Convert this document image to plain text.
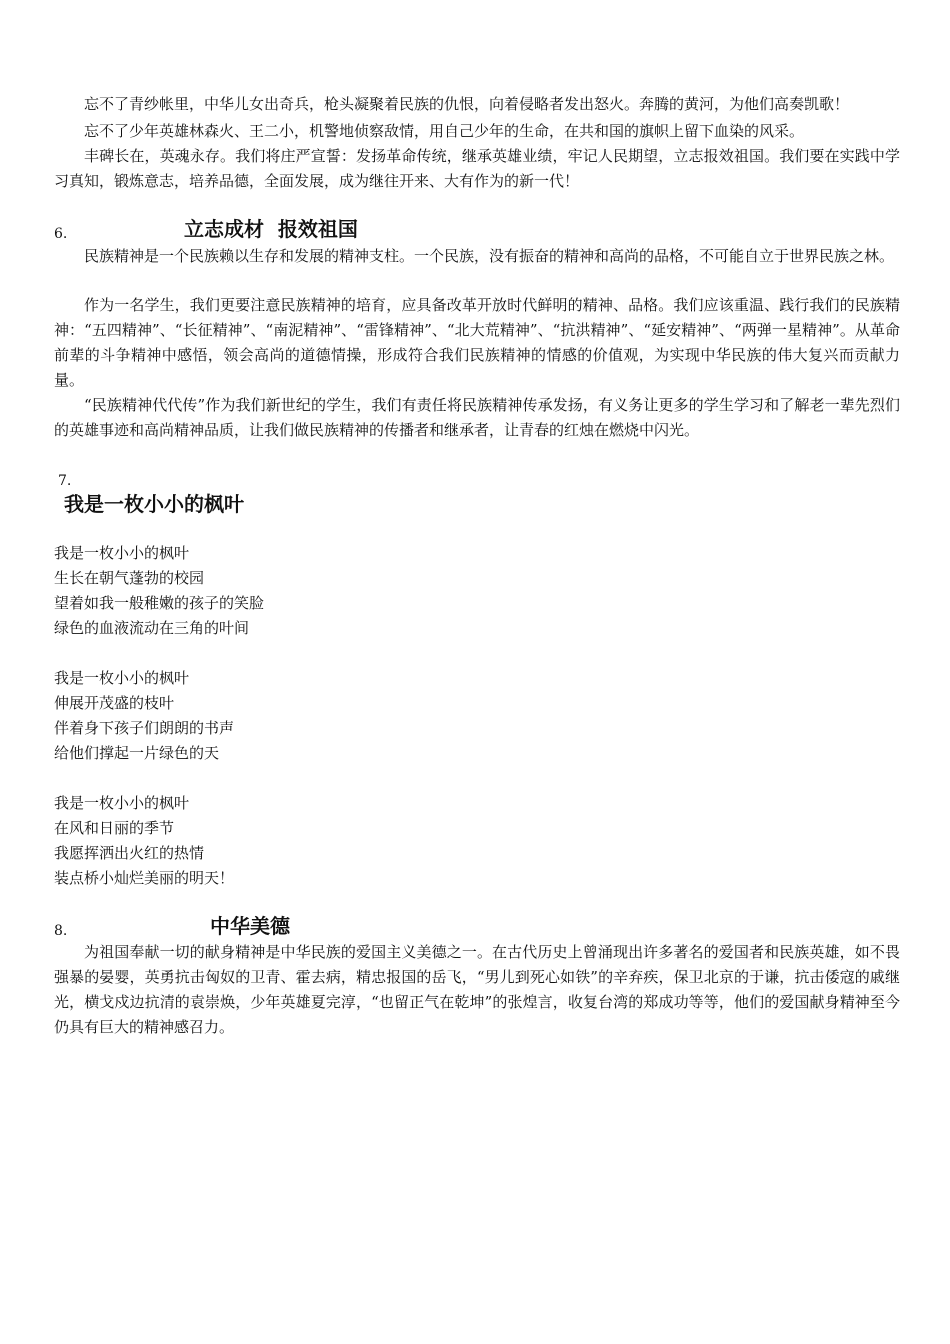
忘不了青纱帐里，中华儿女出奇兵，枪头凝聚着民族的仇恨，向着侵略者发出怒火。奔腾的黄河，为他们高奏凯歌！

忘不了少年英雄林森火、王二小，机警地侦察敌情，用自己少年的生命，在共和国的旗帜上留下血染的风采。

丰碑长在，英魂永存。我们将庄严宣誓：发扬革命传统，继承英雄业绩，牢记人民期望，立志报效祖国。我们要在实践中学习真知，锻炼意志，培养品德，全面发展，成为继往开来、大有作为的新一代！

6.	立志成材  报效祖国

民族精神是一个民族赖以生存和发展的精神支柱。一个民族，没有振奋的精神和高尚的品格，不可能自立于世界民族之林。

作为一名学生，我们更要注意民族精神的培育，应具备改革开放时代鲜明的精神、品格。我们应该重温、践行我们的民族精神：“五四精神”、“长征精神”、“南泥精神”、“雷锋精神”、“北大荒精神”、“抗洪精神”、“延安精神”、“两弹一星精神”。从革命前辈的斗争精神中感悟，领会高尚的道德情操，形成符合我们民族精神的情感的价值观，为实现中华民族的伟大复兴而贡献力量。

“民族精神代代传”作为我们新世纪的学生，我们有责任将民族精神传承发扬，有义务让更多的学生学习和了解老一辈先烈们的英雄事迹和高尚精神品质，让我们做民族精神的传播者和继承者，让青春的红烛在燃烧中闪光。

7.

我是一枚小小的枫叶

我是一枚小小的枫叶

生长在朝气蓬勃的校园

望着如我一般稚嫩的孩子的笑脸

绿色的血液流动在三角的叶间

我是一枚小小的枫叶

伸展开茂盛的枝叶

伴着身下孩子们朗朗的书声

给他们撑起一片绿色的天

我是一枚小小的枫叶

在风和日丽的季节

我愿挥洒出火红的热情

装点桥小灿烂美丽的明天！

8.	中华美德

为祖国奉献一切的献身精神是中华民族的爱国主义美德之一。在古代历史上曾涌现出许多著名的爱国者和民族英雄，如不畏强暴的晏婴，英勇抗击匈奴的卫青、霍去病，精忠报国的岳飞，“男儿到死心如铁”的辛弃疾，保卫北京的于谦，抗击倭寇的戚继光，横戈戍边抗清的袁崇焕，少年英雄夏完淳，“也留正气在乾坤”的张煌言，收复台湾的郑成功等等，他们的爱国献身精神至今仍具有巨大的精神感召力。
